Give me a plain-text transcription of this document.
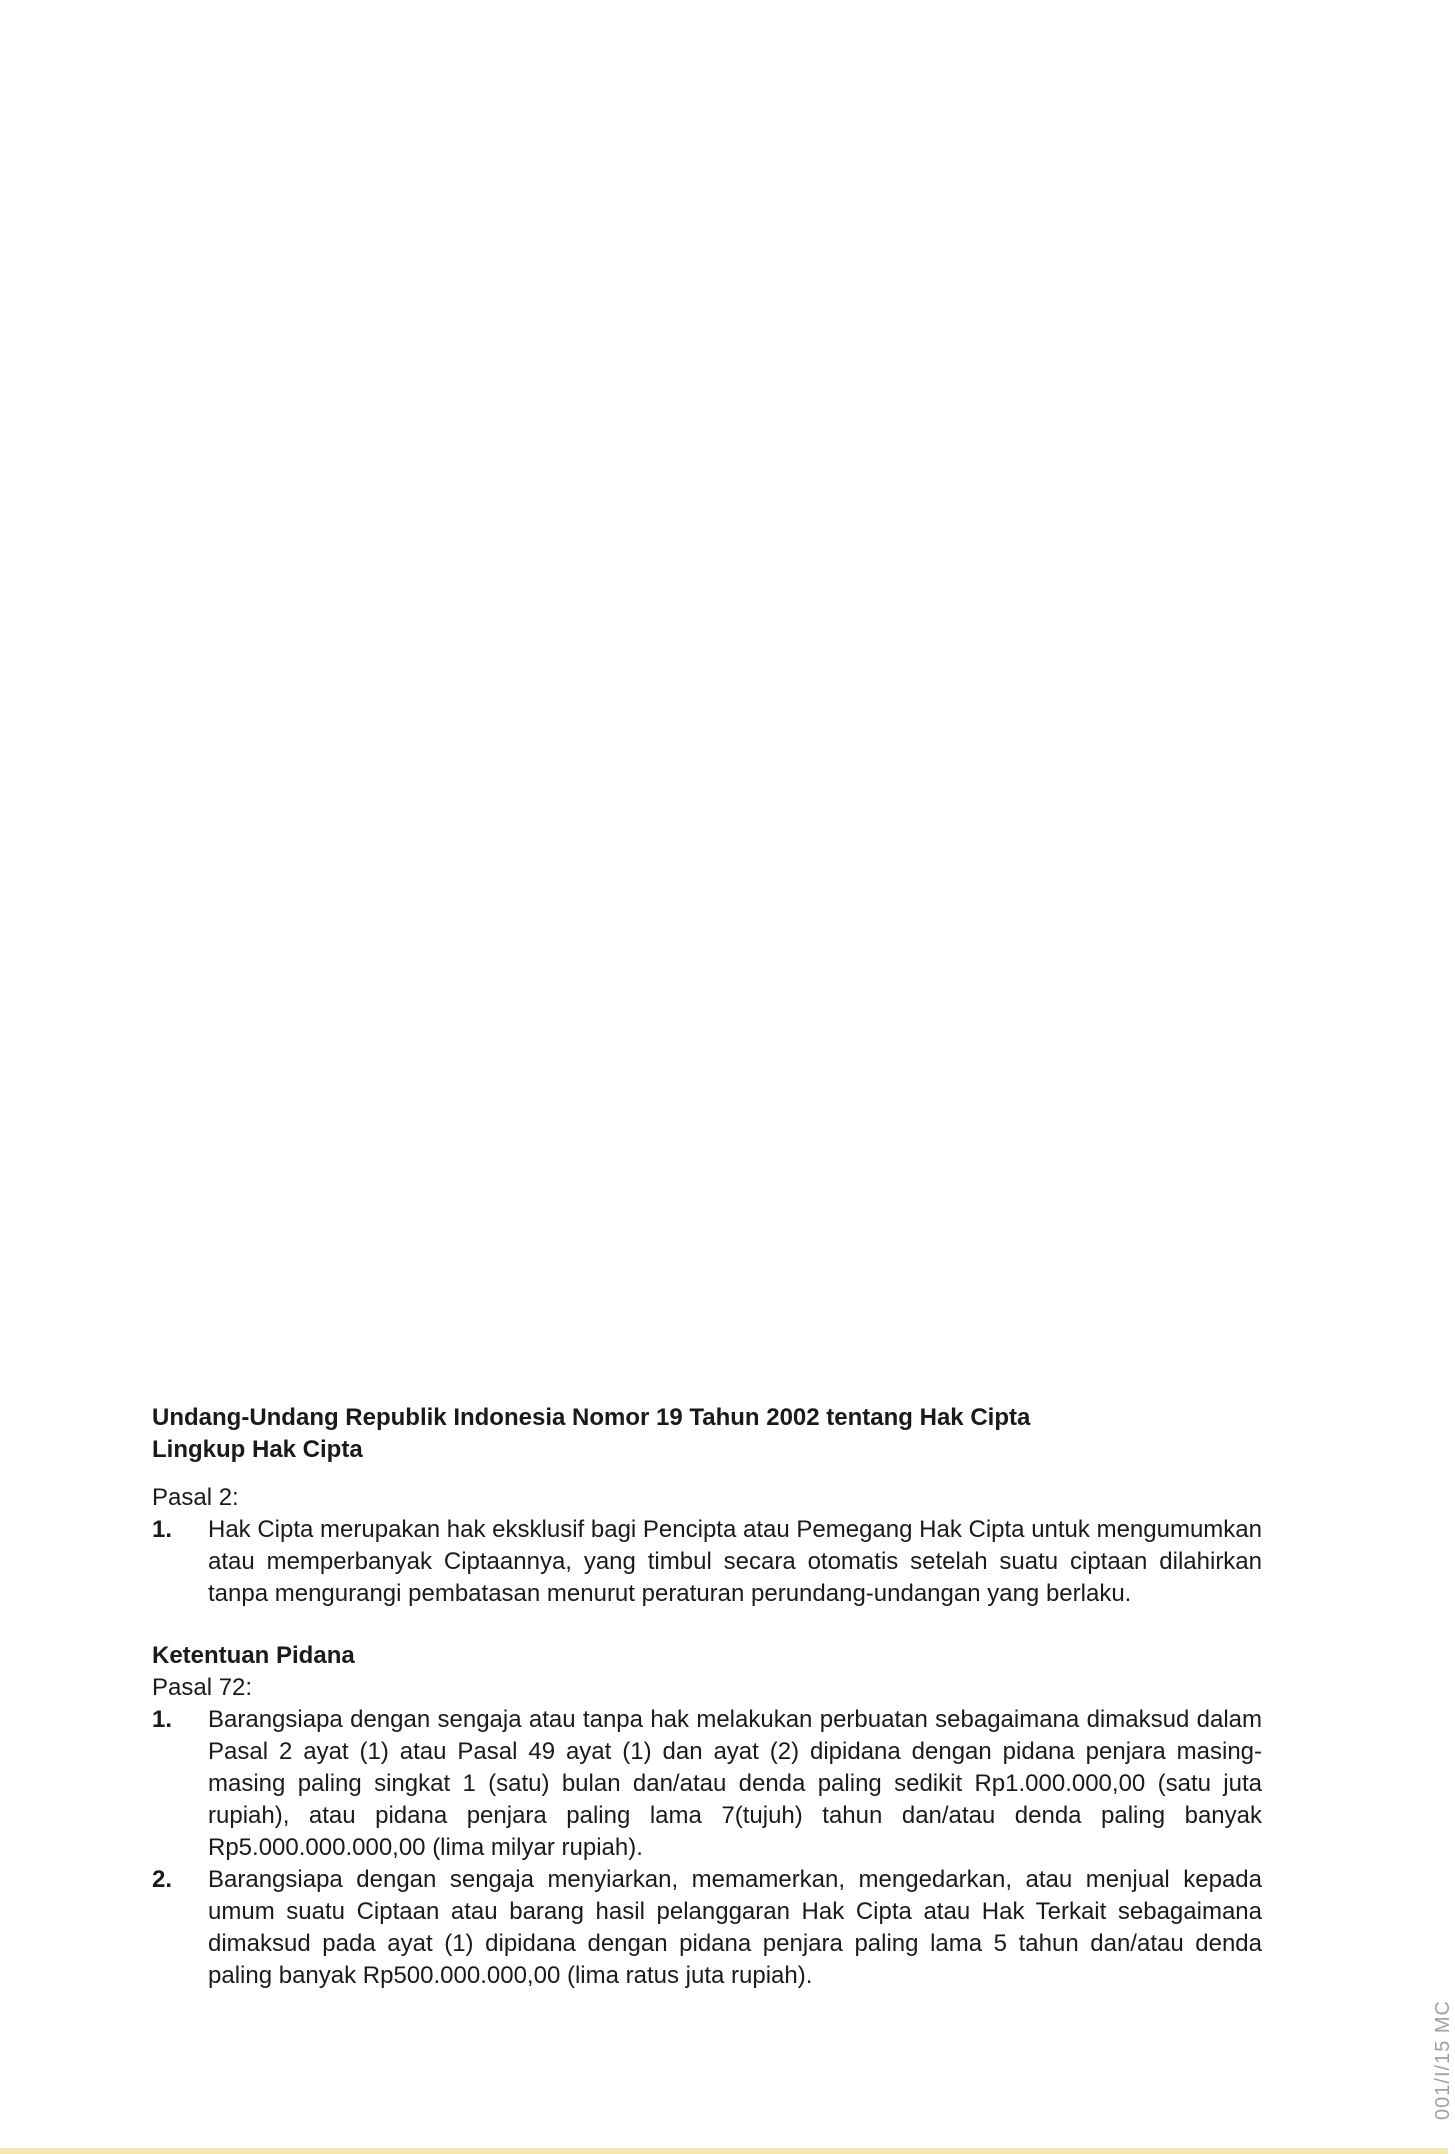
Undang-Undang Republik Indonesia Nomor 19 Tahun 2002 tentang Hak Cipta

Lingkup Hak Cipta

Pasal 2:

1. Hak Cipta merupakan hak eksklusif bagi Pencipta atau Pemegang Hak Cipta untuk mengumumkan atau memperbanyak Ciptaannya, yang timbul secara otomatis setelah suatu ciptaan dilahirkan tanpa mengurangi pembatasan menurut peraturan perundang-undangan yang berlaku.

Ketentuan Pidana

Pasal 72:

1. Barangsiapa dengan sengaja atau tanpa hak melakukan perbuatan sebagaimana dimaksud dalam Pasal 2 ayat (1) atau Pasal 49 ayat (1) dan ayat (2) dipidana dengan pidana penjara masing-masing paling singkat 1 (satu) bulan dan/atau denda paling sedikit Rp1.000.000,00 (satu juta rupiah), atau pidana penjara paling lama 7(tujuh) tahun dan/atau denda paling banyak Rp5.000.000.000,00 (lima milyar rupiah).
2. Barangsiapa dengan sengaja menyiarkan, memamerkan, mengedarkan, atau menjual kepada umum suatu Ciptaan atau barang hasil pelanggaran Hak Cipta atau Hak Terkait sebagaimana dimaksud pada ayat (1) dipidana dengan pidana penjara paling lama 5 tahun dan/atau denda paling banyak Rp500.000.000,00 (lima ratus juta rupiah).
001/I/15 MC
